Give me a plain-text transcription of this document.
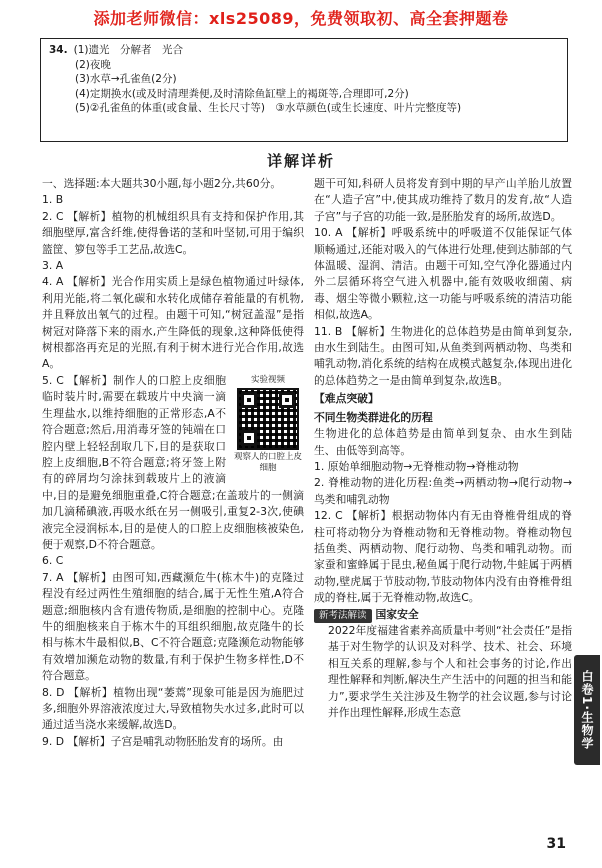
添加老师微信：xls25089，免费领取初、高全套押题卷
34. (1)遗光　分解者　光合
(2)夜晚
(3)水草→孔雀鱼(2分)
(4)定期换水(或及时清理粪便,及时清除鱼缸壁上的褐斑等,合理即可,2分)
(5)②孔雀鱼的体重(或食量、生长尺寸等)　③水草颜色(或生长速度、叶片完整度等)
详解详析
一、选择题:本大题共30小题,每小题2分,共60分。
1. B
2. C 【解析】植物的机械组织具有支持和保护作用,其细胞壁厚,富含纤维,使得鲁诺的茎和叶坚韧,可用于编织篮筐、箩包等手工艺品,故选C。
3. A
4. A 【解析】光合作用实质上是绿色植物通过叶绿体,利用光能,将二氧化碳和水转化成储存着能量的有机物,并且释放出氧气的过程。由题干可知,“树冠盖湿”是指树冠对降落下来的雨水,产生降低的现象,这种降低使得树根都洛再充足的光照,有利于树木进行光合作用,故选A。
实验视频
观察人的口腔上皮细胞
5. C 【解析】制作人的口腔上皮细胞临时装片时,需要在载玻片中央滴一滴生理盐水,以维持细胞的正常形态,A不符合题意;然后,用消毒牙签的钝端在口腔内壁上轻轻刮取几下,目的是获取口腔上皮细胞,B不符合题意;将牙签上附有的碎屑均匀涂抹到载玻片上的液滴中,目的是避免细胞重叠,C符合题意;在盖玻片的一侧滴加几滴稀碘液,再吸水纸在另一侧吸引,重复2-3次,使碘液完全浸润标本,目的是使人的口腔上皮细胞核被染色,便于观察,D不符合题意。
6. C
7. A 【解析】由图可知,西藏濒危牛(栋木牛)的克隆过程没有经过两性生殖细胞的结合,属于无性生殖,A符合题意;细胞核内含有遗传物质,是细胞的控制中心。克隆牛的细胞核来自于栋木牛的耳组织细胞,故克隆牛的长相与栋木牛最相似,B、C不符合题意;克隆濒危动物能够有效增加濒危动物的数量,有利于保护生物多样性,D不符合题意。
8. D 【解析】植物出现“萎蔫”现象可能是因为施肥过多,细胞外界溶液浓度过大,导致植物失水过多,此时可以通过适当浇水来缓解,故选D。
9. D 【解析】子宫是哺乳动物胚胎发育的场所。由
题干可知,科研人员将发育到中期的早产山羊胎儿放置在“人造子宫”中,使其成功维持了数月的发育,故“人造子宫”与子宫的功能一致,是胚胎发育的场所,故选D。
10. A 【解析】呼吸系统中的呼吸道不仅能保证气体顺畅通过,还能对吸入的气体进行处理,使到达肺部的气体温暖、湿润、清洁。由题干可知,空气净化器通过内外二层循环将空气进入机器中,能有效吸收细菌、病毒、烟尘等微小颗粒,这一功能与呼吸系统的清洁功能相似,故选A。
11. B 【解析】生物进化的总体趋势是由简单到复杂,由水生到陆生。由图可知,从鱼类到两栖动物、鸟类和哺乳动物,消化系统的结构在成模式越复杂,体现出进化的总体趋势之一是由简单到复杂,故选B。
【难点突破】
不同生物类群进化的历程
生物进化的总体趋势是由简单到复杂、由水生到陆生、由低等到高等。
1. 原始单细胞动物→无脊椎动物→脊椎动物
2. 脊椎动物的进化历程:鱼类→两栖动物→爬行动物→鸟类和哺乳动物
12. C 【解析】根据动物体内有无由脊椎骨组成的脊柱可将动物分为脊椎动物和无脊椎动物。脊椎动物包括鱼类、两栖动物、爬行动物、鸟类和哺乳动物。而家蚕和蜜蜂属于昆虫,秘鱼属于爬行动物,牛蛙属于两栖动物,壁虎属于节肢动物,节肢动物体内没有由脊椎骨组成的脊柱,属于无脊椎动物,故选C。
新考法解读 国家安全
2022年度福建省素养高质量中考则“社会责任”是指基于对生物学的认识及对科学、技术、社会、环境相互关系的理解,参与个人和社会事务的讨论,作出理性解释和判断,解决生产生活中的问题的担当和能力”,要求学生关注涉及生物学的社会议题,参与讨论并作出理性解释,形成生态意	白卷1·生物学
31
